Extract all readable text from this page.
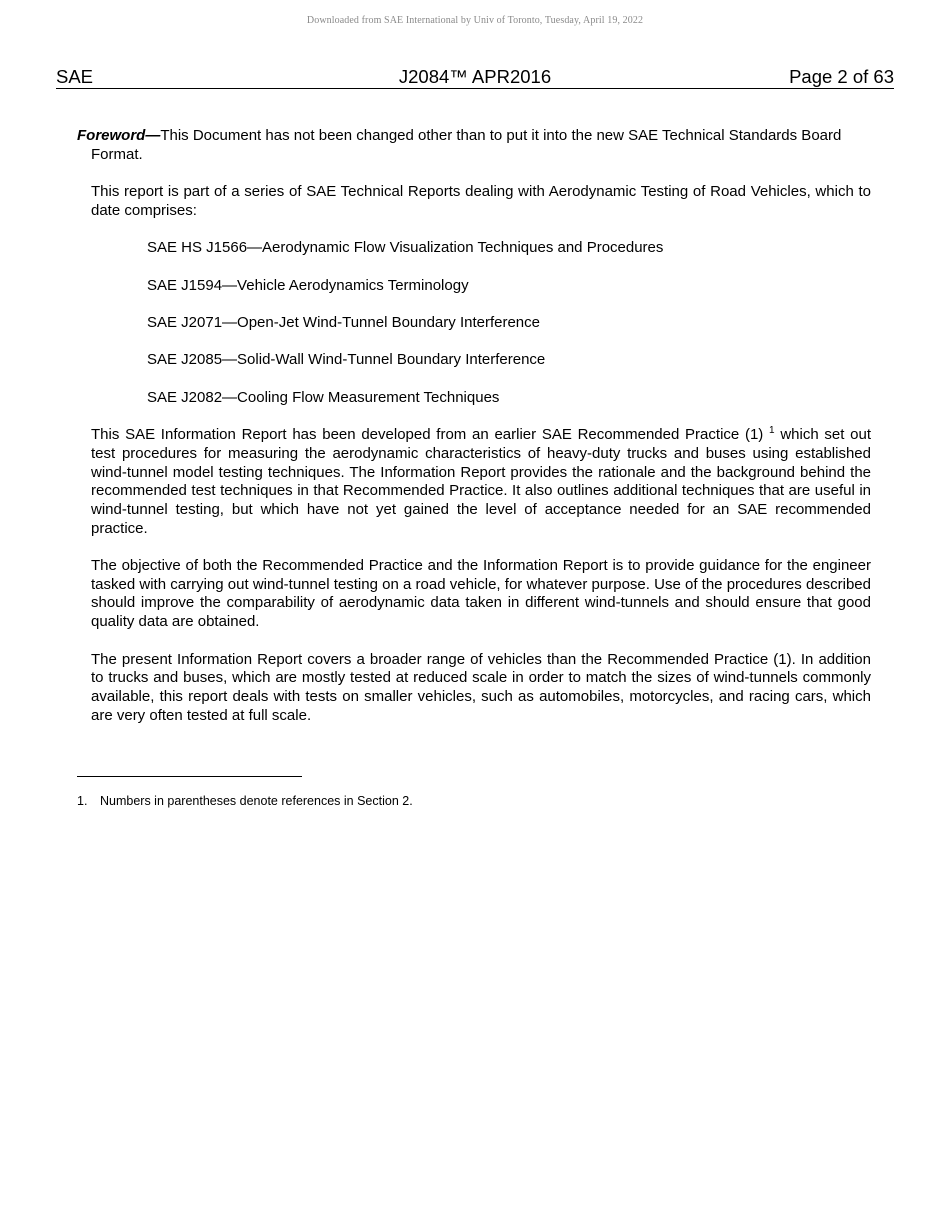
Downloaded from SAE International by Univ of Toronto, Tuesday, April 19, 2022
SAE	J2084™ APR2016	Page 2 of 63

Foreword—This Document has not been changed other than to put it into the new SAE Technical Standards Board Format.

This report is part of a series of SAE Technical Reports dealing with Aerodynamic Testing of Road Vehicles, which to date comprises:

SAE HS J1566—Aerodynamic Flow Visualization Techniques and Procedures
SAE J1594—Vehicle Aerodynamics Terminology
SAE J2071—Open-Jet Wind-Tunnel Boundary Interference
SAE J2085—Solid-Wall Wind-Tunnel Boundary Interference
SAE J2082—Cooling Flow Measurement Techniques

This SAE Information Report has been developed from an earlier SAE Recommended Practice (1) $^1$ which set out test procedures for measuring the aerodynamic characteristics of heavy-duty trucks and buses using established wind-tunnel model testing techniques. The Information Report provides the rationale and the background behind the recommended test techniques in that Recommended Practice. It also outlines additional techniques that are useful in wind-tunnel testing, but which have not yet gained the level of acceptance needed for an SAE recommended practice.

The objective of both the Recommended Practice and the Information Report is to provide guidance for the engineer tasked with carrying out wind-tunnel testing on a road vehicle, for whatever purpose. Use of the procedures described should improve the comparability of aerodynamic data taken in different wind-tunnels and should ensure that good quality data are obtained.

The present Information Report covers a broader range of vehicles than the Recommended Practice (1). In addition to trucks and buses, which are mostly tested at reduced scale in order to match the sizes of wind-tunnels commonly available, this report deals with tests on smaller vehicles, such as automobiles, motorcycles, and racing cars, which are very often tested at full scale.

1. Numbers in parentheses denote references in Section 2.
